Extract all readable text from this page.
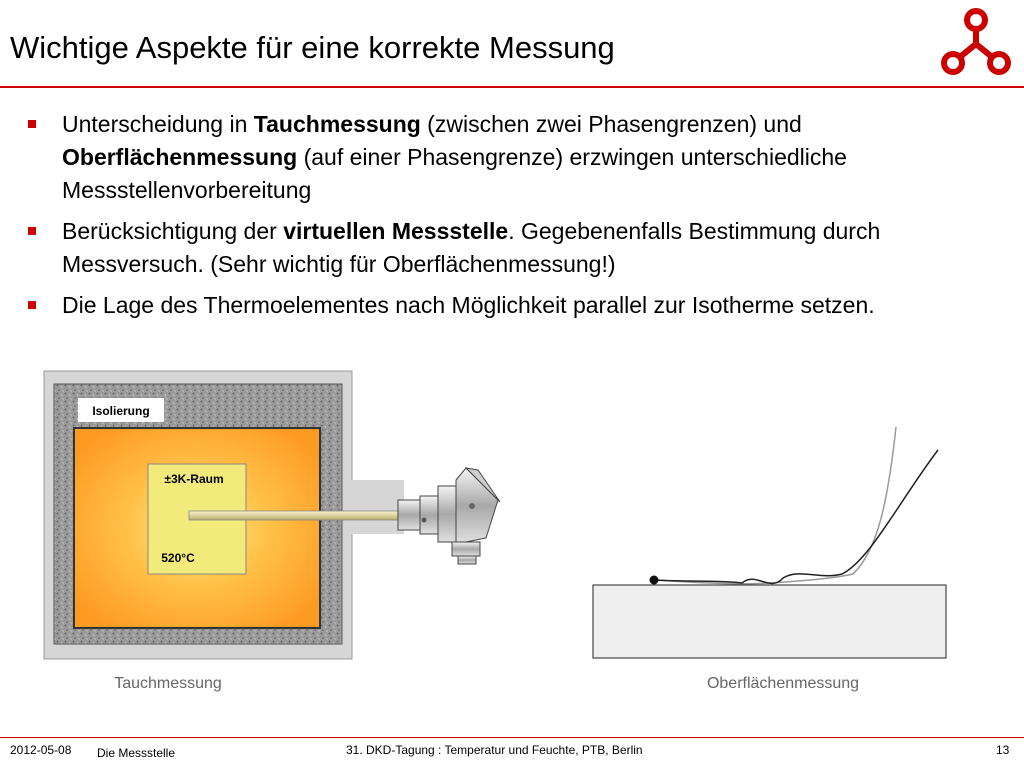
Wichtige Aspekte für eine korrekte Messung
Unterscheidung in Tauchmessung (zwischen zwei Phasengrenzen) und Oberflächenmessung (auf einer Phasengrenze) erzwingen unterschiedliche Messstellenvorbereitung
Berücksichtigung der virtuellen Messstelle. Gegebenenfalls Bestimmung durch Messversuch. (Sehr wichtig für Oberflächenmessung!)
Die Lage des Thermoelementes nach Möglichkeit parallel zur Isotherme setzen.
Isolierung
±3K-Raum
520°C
Tauchmessung	Oberflächenmessung
2012-05-08 Die Messstelle	31. DKD-Tagung : Temperatur und Feuchte, PTB, Berlin	13
